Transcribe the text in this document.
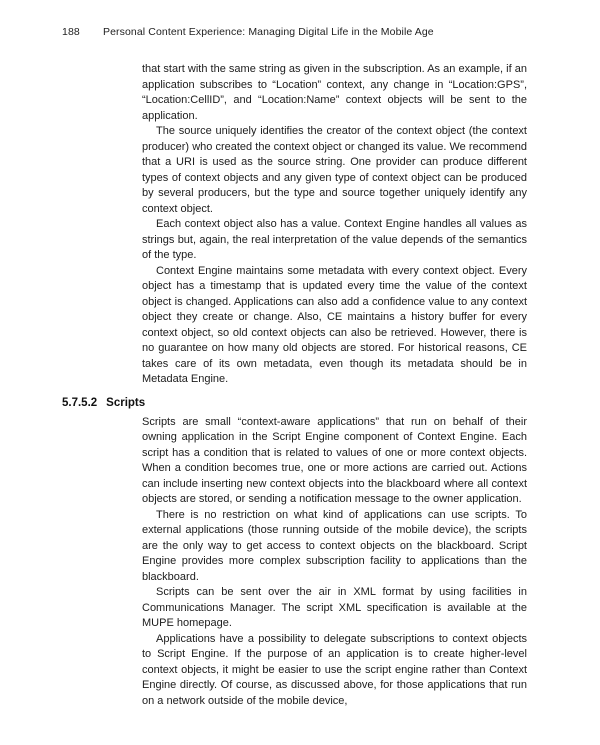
188	Personal Content Experience: Managing Digital Life in the Mobile Age

that start with the same string as given in the subscription. As an example, if an application subscribes to “Location” context, any change in “Location:GPS”, “Location:CellID”, and “Location:Name” context objects will be sent to the application.

The source uniquely identifies the creator of the context object (the context producer) who created the context object or changed its value. We recommend that a URI is used as the source string. One provider can produce different types of context objects and any given type of context object can be produced by several producers, but the type and source together uniquely identify any context object.

Each context object also has a value. Context Engine handles all values as strings but, again, the real interpretation of the value depends of the semantics of the type.

Context Engine maintains some metadata with every context object. Every object has a timestamp that is updated every time the value of the context object is changed. Applications can also add a confidence value to any context object they create or change. Also, CE maintains a history buffer for every context object, so old context objects can also be retrieved. However, there is no guarantee on how many old objects are stored. For historical reasons, CE takes care of its own metadata, even though its metadata should be in Metadata Engine.

5.7.5.2 Scripts

Scripts are small “context-aware applications” that run on behalf of their owning application in the Script Engine component of Context Engine. Each script has a condition that is related to values of one or more context objects. When a condition becomes true, one or more actions are carried out. Actions can include inserting new context objects into the blackboard where all context objects are stored, or sending a notification message to the owner application.

There is no restriction on what kind of applications can use scripts. To external applications (those running outside of the mobile device), the scripts are the only way to get access to context objects on the blackboard. Script Engine provides more complex subscription facility to applications than the blackboard.

Scripts can be sent over the air in XML format by using facilities in Communications Manager. The script XML specification is available at the MUPE homepage.

Applications have a possibility to delegate subscriptions to context objects to Script Engine. If the purpose of an application is to create higher-level context objects, it might be easier to use the script engine rather than Context Engine directly. Of course, as discussed above, for those applications that run on a network outside of the mobile device,
